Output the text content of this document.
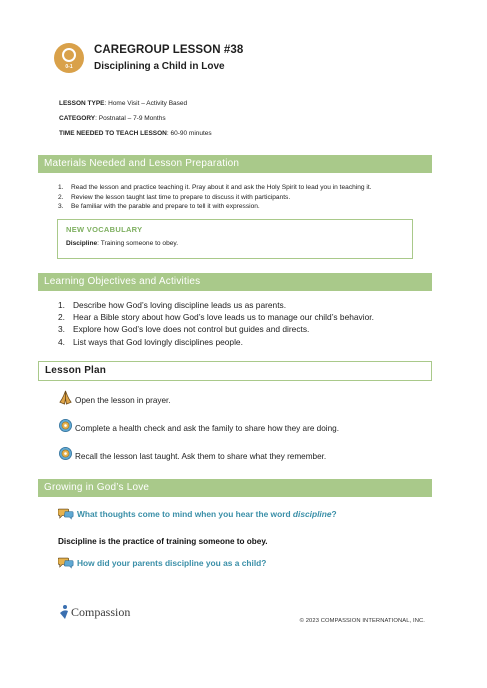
0-1
CAREGROUP LESSON #38
Disciplining a Child in Love
LESSON TYPE: Home Visit – Activity Based
CATEGORY: Postnatal – 7-9 Months
TIME NEEDED TO TEACH LESSON: 60-90 minutes
Materials Needed and Lesson Preparation
1. Read the lesson and practice teaching it. Pray about it and ask the Holy Spirit to lead you in teaching it.
2. Review the lesson taught last time to prepare to discuss it with participants.
3. Be familiar with the parable and prepare to tell it with expression.
NEW VOCABULARY
Discipline: Training someone to obey.
Learning Objectives and Activities
1. Describe how God’s loving discipline leads us as parents.
2. Hear a Bible story about how God’s love leads us to manage our child’s behavior.
3. Explore how God’s love does not control but guides and directs.
4. List ways that God lovingly disciplines people.
Lesson Plan
Open the lesson in prayer.
Complete a health check and ask the family to share how they are doing.
Recall the lesson last taught. Ask them to share what they remember.
Growing in God’s Love
What thoughts come to mind when you hear the word discipline?
Discipline is the practice of training someone to obey.
How did your parents discipline you as a child?
Compassion
© 2023 COMPASSION INTERNATIONAL, INC.
